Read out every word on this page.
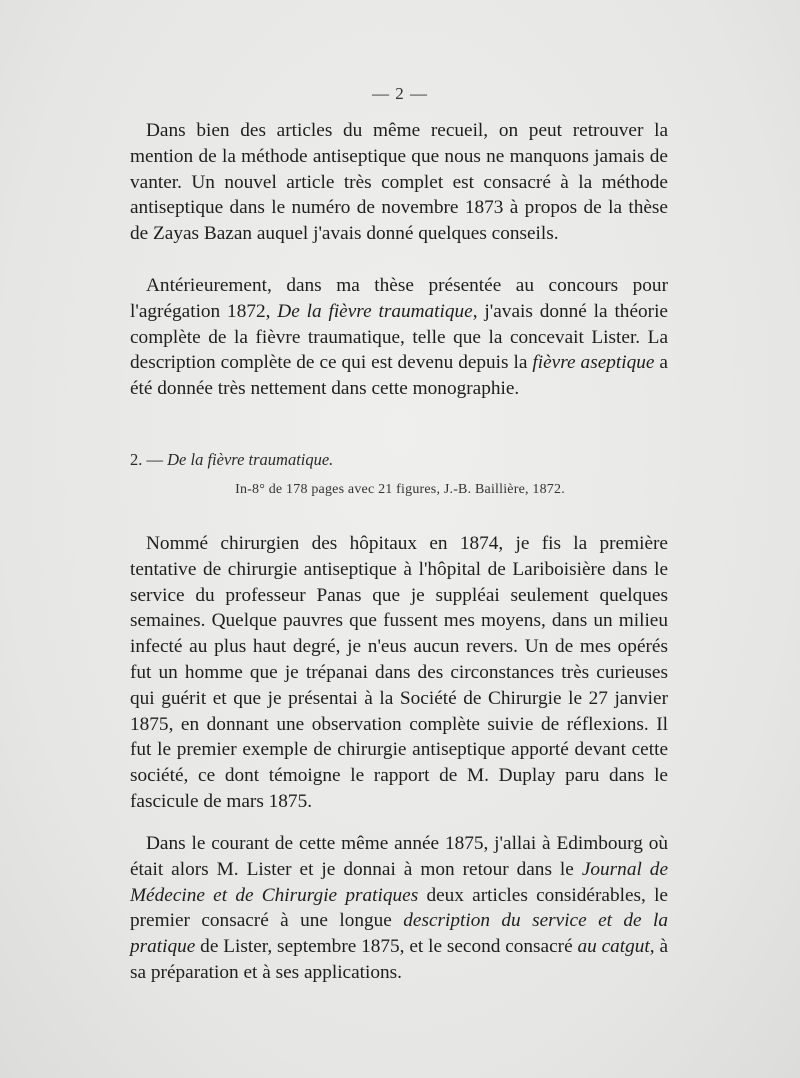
— 2 —

Dans bien des articles du même recueil, on peut retrouver la mention de la méthode antiseptique que nous ne manquons jamais de vanter. Un nouvel article très complet est consacré à la méthode antiseptique dans le numéro de novembre 1873 à propos de la thèse de Zayas Bazan auquel j'avais donné quelques conseils.

Antérieurement, dans ma thèse présentée au concours pour l'agrégation 1872, De la fièvre traumatique, j'avais donné la théorie complète de la fièvre traumatique, telle que la concevait Lister. La description complète de ce qui est devenu depuis la fièvre aseptique a été donnée très nettement dans cette monographie.

2. — De la fièvre traumatique.
In-8° de 178 pages avec 21 figures, J.-B. Baillière, 1872.

Nommé chirurgien des hôpitaux en 1874, je fis la première tentative de chirurgie antiseptique à l'hôpital de Lariboisière dans le service du professeur Panas que je suppléai seulement quelques semaines. Quelque pauvres que fussent mes moyens, dans un milieu infecté au plus haut degré, je n'eus aucun revers. Un de mes opérés fut un homme que je trépanai dans des circonstances très curieuses qui guérit et que je présentai à la Société de Chirurgie le 27 janvier 1875, en donnant une observation complète suivie de réflexions. Il fut le premier exemple de chirurgie antiseptique apporté devant cette société, ce dont témoigne le rapport de M. Duplay paru dans le fascicule de mars 1875.

Dans le courant de cette même année 1875, j'allai à Edimbourg où était alors M. Lister et je donnai à mon retour dans le Journal de Médecine et de Chirurgie pratiques deux articles considérables, le premier consacré à une longue description du service et de la pratique de Lister, septembre 1875, et le second consacré au catgut, à sa préparation et à ses applications.
